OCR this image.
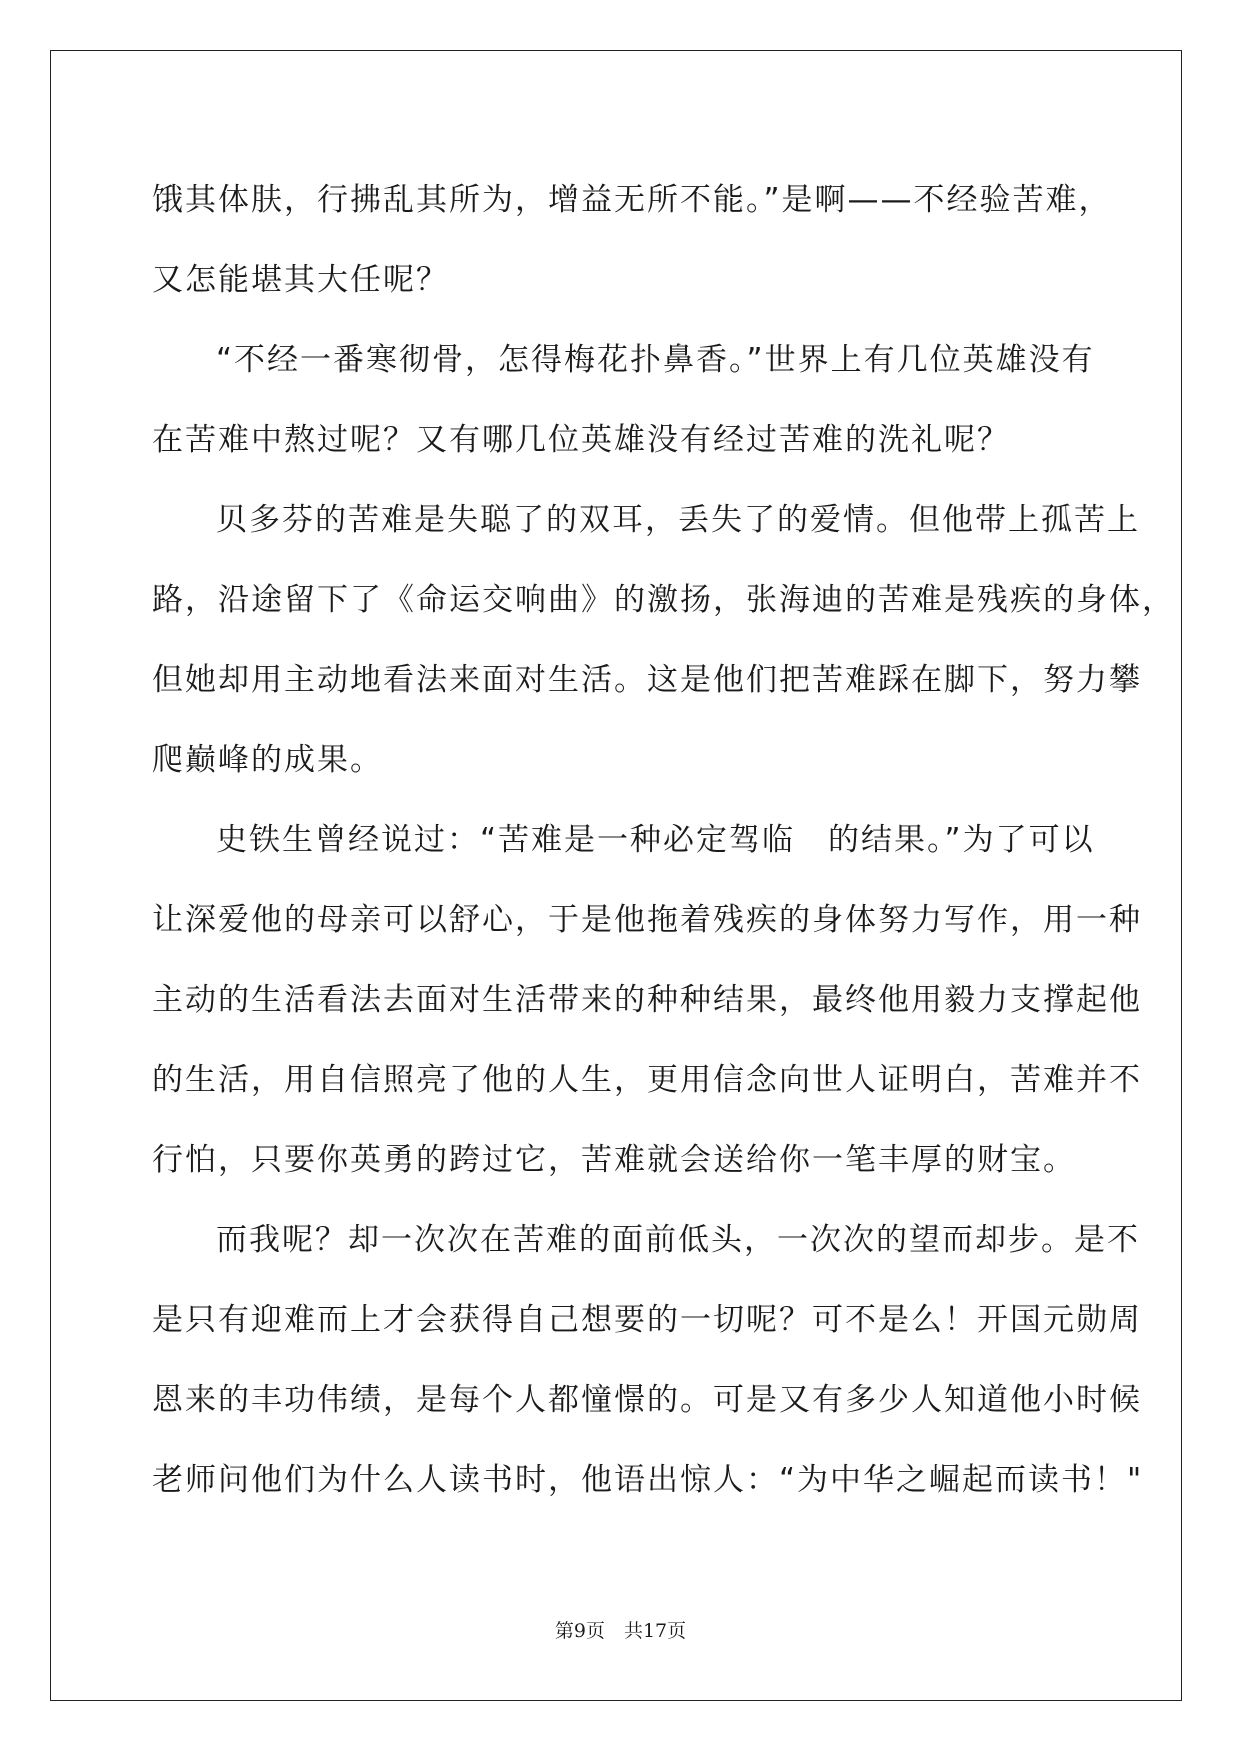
饿其体肤，行拂乱其所为，增益无所不能。”是啊——不经验苦难，
又怎能堪其大任呢？
“不经一番寒彻骨，怎得梅花扑鼻香。”世界上有几位英雄没有
在苦难中熬过呢？又有哪几位英雄没有经过苦难的洗礼呢？
贝多芬的苦难是失聪了的双耳，丢失了的爱情。但他带上孤苦上
路，沿途留下了《命运交响曲》的激扬，张海迪的苦难是残疾的身体，
但她却用主动地看法来面对生活。这是他们把苦难踩在脚下，努力攀
爬巅峰的成果。
史铁生曾经说过：“苦难是一种必定驾临　的结果。”为了可以
让深爱他的母亲可以舒心，于是他拖着残疾的身体努力写作，用一种
主动的生活看法去面对生活带来的种种结果，最终他用毅力支撑起他
的生活，用自信照亮了他的人生，更用信念向世人证明白，苦难并不
行怕，只要你英勇的跨过它，苦难就会送给你一笔丰厚的财宝。
而我呢？却一次次在苦难的面前低头，一次次的望而却步。是不
是只有迎难而上才会获得自己想要的一切呢？可不是么！开国元勋周
恩来的丰功伟绩，是每个人都憧憬的。可是又有多少人知道他小时候
老师问他们为什么人读书时，他语出惊人：“为中华之崛起而读书！"
第9页　共17页
